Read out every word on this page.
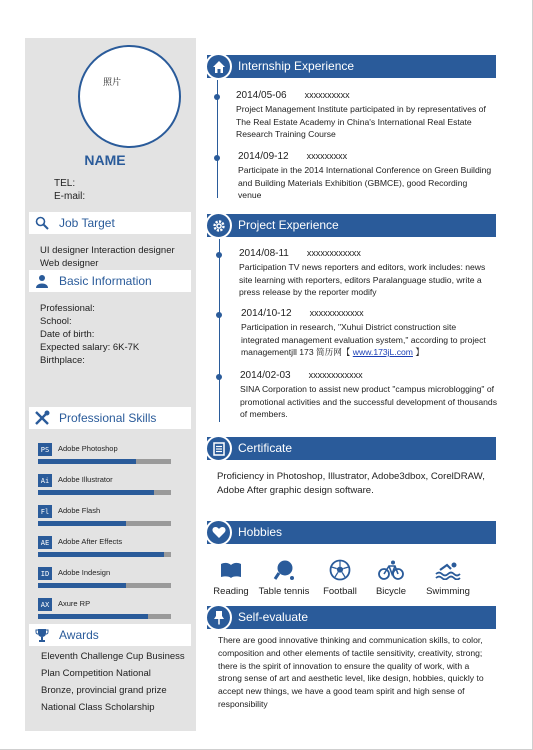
照片
NAME
TEL:
E-mail:
Job Target
UI designer Interaction designer Web designer
Basic Information
Professional:
School:
Date of birth:
Expected salary: 6K-7K
Birthplace:
Professional Skills
PS	Adobe Photoshop
Ai	Adobe Illustrator
Fl	Adobe Flash
AE	Adobe After Effects
ID	Adobe Indesign
AX	Axure RP
Awards
Eleventh Challenge Cup Business
Plan Competition National
Bronze, provincial grand prize
National Class Scholarship
Internship Experience
2014/05-06 xxxxxxxxxx
Project Management Institute participated in by representatives of The Real Estate Academy in China's International Real Estate Research Training Course
2014/09-12 xxxxxxxxx
Participate in the 2014 International Conference on Green Building and Building Materials Exhibition (GBMCE), good Recording venue
Project Experience
2014/08-11 xxxxxxxxxxxx
Participation TV news reporters and editors, work includes: news site learning with reporters, editors Paralanguage studio, write a press release by the reporter modify
2014/10-12 xxxxxxxxxxxx
Participation in research, "Xuhui District construction site integrated management evaluation system," according to project managementjll 173 简历网【 www.173jL.com 】
2014/02-03 xxxxxxxxxxxx
SINA Corporation to assist new product "campus microblogging" of promotional activities and the successful development of thousands of members.
Certificate
Proficiency in Photoshop, Illustrator, Adobe3dbox, CorelDRAW, Adobe After graphic design software.
Hobbies
Reading	Table tennis	Football	Bicycle	Swimming
Self-evaluate
There are good innovative thinking and communication skills, to color, composition and other elements of tactile sensitivity, creativity, strong; there is the spirit of innovation to ensure the quality of work, with a strong sense of art and aesthetic level, like design, hobbies, quickly to accept new things, we have a good team spirit and high sense of responsibility
